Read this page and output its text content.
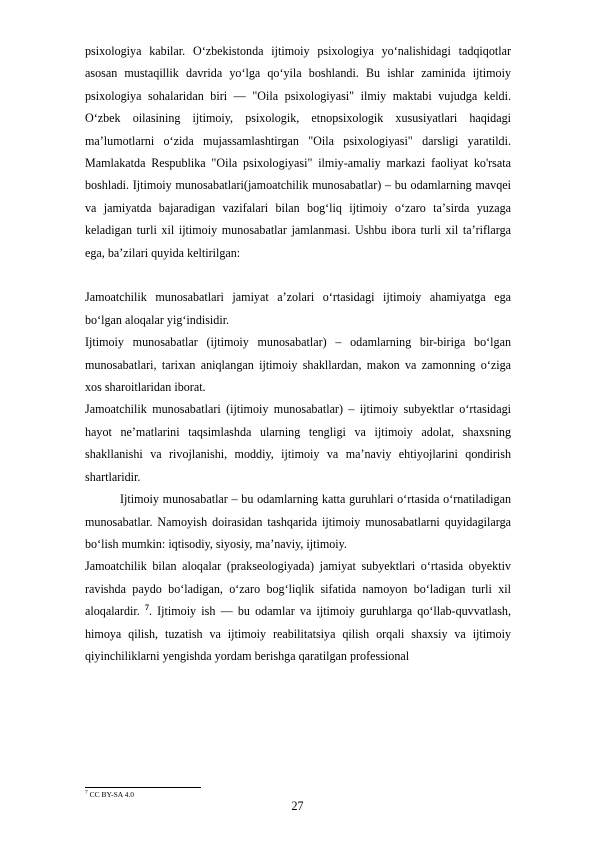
psixologiya kabilar. Oʻzbekistonda ijtimoiy psixologiya yoʻnalishidagi tadqiqotlar asosan mustaqillik davrida yoʻlga qoʻyila boshlandi. Bu ishlar zaminida ijtimoiy psixologiya sohalaridan biri — "Oila psixologiyasi" ilmiy maktabi vujudga keldi. Oʻzbek oilasining ijtimoiy, psixologik, etnopsixologik xususiyatlari haqidagi maʼlumotlarni oʻzida mujassamlashtirgan "Oila psixologiyasi" darsligi yaratildi. Mamlakatda Respublika "Oila psixologiyasi" ilmiy-amaliy markazi faoliyat ko'rsata boshladi. Ijtimoiy munosabatlari(jamoatchilik munosabatlar) – bu odamlarning mavqei va jamiyatda bajaradigan vazifalari bilan bogʻliq ijtimoiy oʻzaro taʼsirda yuzaga keladigan turli xil ijtimoiy munosabatlar jamlanmasi. Ushbu ibora turli xil taʼriflarga ega, baʼzilari quyida keltirilgan:

Jamoatchilik munosabatlari jamiyat aʼzolari oʻrtasidagi ijtimoiy ahamiyatga ega boʻlgan aloqalar yigʻindisidir.

Ijtimoiy munosabatlar (ijtimoiy munosabatlar) – odamlarning bir-biriga boʻlgan munosabatlari, tarixan aniqlangan ijtimoiy shakllardan, makon va zamonning oʻziga xos sharoitlaridan iborat.

Jamoatchilik munosabatlari (ijtimoiy munosabatlar) – ijtimoiy subyektlar oʻrtasidagi hayot neʼmatlarini taqsimlashda ularning tengligi va ijtimoiy adolat, shaxsning shakllanishi va rivojlanishi, moddiy, ijtimoiy va maʼnaviy ehtiyojlarini qondirish shartlaridir.

Ijtimoiy munosabatlar – bu odamlarning katta guruhlari oʻrtasida oʻrnatiladigan munosabatlar. Namoyish doirasidan tashqarida ijtimoiy munosabatlarni quyidagilarga boʻlish mumkin: iqtisodiy, siyosiy, maʼnaviy, ijtimoiy.

Jamoatchilik bilan aloqalar (prakseologiyada) jamiyat subyektlari oʻrtasida obyektiv ravishda paydo boʻladigan, oʻzaro bogʻliqlik sifatida namoyon boʻladigan turli xil aloqalardir. $^7$. Ijtimoiy ish — bu odamlar va ijtimoiy guruhlarga qoʻllab-quvvatlash, himoya qilish, tuzatish va ijtimoiy reabilitatsiya qilish orqali shaxsiy va ijtimoiy qiyinchiliklarni yengishda yordam berishga qaratilgan professional

$^7$ CC BY-SA 4.0
27
